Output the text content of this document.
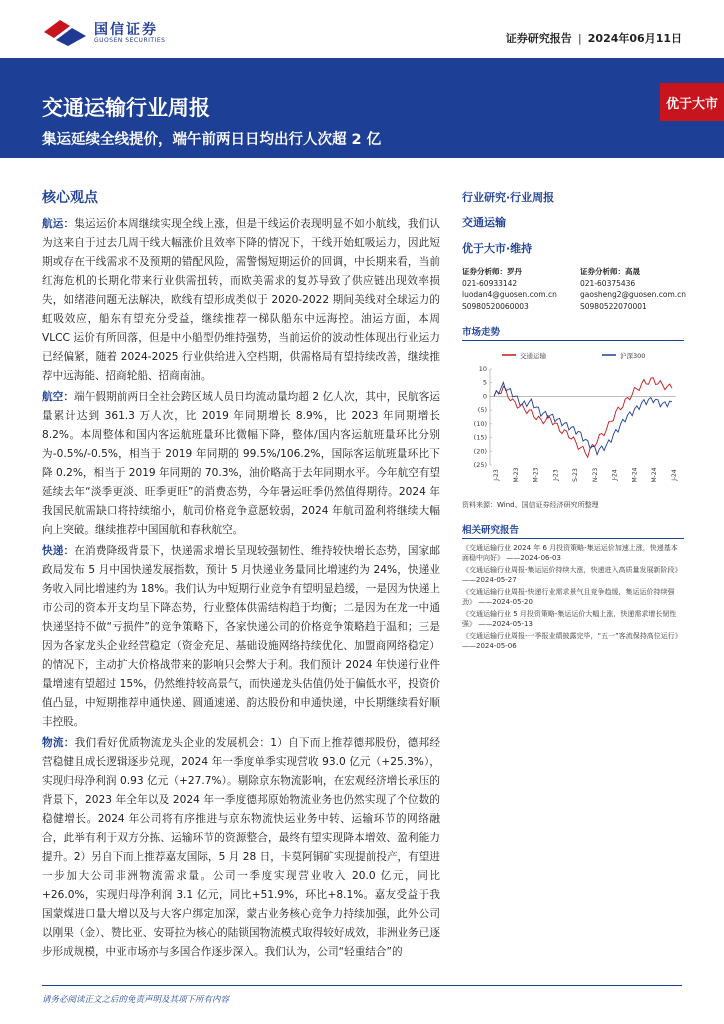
国信证券
GUOSEN SECURITIES	证券研究报告 | 2024年06月11日
交通运输行业周报
集运延续全线提价，端午前两日日均出行人次超 2 亿
优于大市
核心观点

航运：集运运价本周继续实现全线上涨，但是干线运价表现明显不如小航线，我们认为这来自于过去几周干线大幅涨价且效率下降的情况下，干线开始虹吸运力，因此短期或存在干线需求不及预期的错配风险，需警惕短期运价的回调，中长期来看，当前红海危机的长期化带来行业供需扭转，而欧美需求的复苏导致了供应链出现效率损失，如绪港问题无法解决，欧线有望形成类似于 2020-2022 期间美线对全球运力的虹吸效应，船东有望充分受益，继续推荐一梯队船东中远海控。油运方面，本周 VLCC 运价有所回落，但是中小船型仍维持强势，当前运价的波动性体现出行业运力已经偏紧，随着 2024-2025 行业供给进入空档期，供需格局有望持续改善，继续推荐中远海能、招商轮船、招商南油。

航空：端午假期前两日全社会跨区域人员日均流动量均超 2 亿人次，其中，民航客运量累计达到 361.3 万人次，比 2019 年同期增长 8.9%，比 2023 年同期增长 8.2%。本周整体和国内客运航班量环比微幅下降，整体/国内客运航班量环比分别为-0.5%/-0.5%，相当于 2019 年同期的 99.5%/106.2%，国际客运航班量环比下降 0.2%，相当于 2019 年同期的 70.3%，油价略高于去年同期水平。今年航空有望延续去年“淡季更淡、旺季更旺”的消费态势，今年暑运旺季仍然值得期待。2024 年我国民航需缺口将持续缩小，航司价格竞争意愿较弱，2024 年航司盈利将继续大幅向上突破。继续推荐中国国航和春秋航空。

快递：在消费降级背景下，快递需求增长呈现较强韧性、维持较快增长态势，国家邮政局发布 5 月中国快递发展指数，预计 5 月快递业务量同比增速约为 24%，快递业务收入同比增速约为 18%。我们认为中短期行业竞争有望明显趋缓，一是因为快递上市公司的资本开支均呈下降态势，行业整体供需结构趋于均衡；二是因为在龙一中通快递坚持不做“亏损件”的竞争策略下，各家快递公司的价格竞争策略趋于温和；三是因为各家龙头企业经营稳定（资金充足、基础设施网络持续优化、加盟商网络稳定）的情况下，主动扩大价格战带来的影响只会弊大于利。我们预计 2024 年快递行业件量增速有望超过 15%，仍然维持较高景气，而快递龙头估值仍处于偏低水平，投资价值凸显，中短期推荐申通快递、圆通速递、韵达股份和申通快递，中长期继续看好顺丰控股。

物流：我们看好优质物流龙头企业的发展机会：1）自下而上推荐德邦股份，德邦经营稳健且成长逻辑逐步兑现，2024 年一季度单季实现营收 93.0 亿元（+25.3%），实现归母净利润 0.93 亿元（+27.7%）。剔除京东物流影响，在宏观经济增长承压的背景下，2023 年全年以及 2024 年一季度德邦原始物流业务也仍然实现了个位数的稳健增长。2024 年公司将有序推进与京东物流快运业务中转、运输环节的网络融合，此举有利于双方分拣、运输环节的资源整合，最终有望实现降本增效、盈利能力提升。2）另自下而上推荐嘉友国际，5 月 28 日，卡莫阿铜矿实现提前投产，有望进一步加大公司非洲物流需求量。公司一季度实现营业收入 20.0 亿元，同比+26.0%，实现归母净利润 3.1 亿元，同比+51.9%，环比+8.1%。嘉友受益于我国蒙煤进口量大增以及与大客户绑定加深，蒙古业务核心竞争力持续加强，此外公司以刚果（金）、赞比亚、安哥拉为核心的陆锁国物流模式取得较好成效，非洲业务已逐步形成规模，中亚市场亦与多国合作逐步深入。我们认为，公司“轻重结合”的

行业研究·行业周报
交通运输
优于大市·维持
证券分析师：罗丹
021-60933142
luodan4@guosen.com.cn
S0980520060003
证券分析师：高晟
021-60375436
gaosheng2@guosen.com.cn
S0980522070001
市场走势
交通运输	沪深300
10
5
0
(5)
(10)
(15)
(20)
(25)
J-23 M-23 M-23 J-23 S-23 N-23 J-24 M-24 M-24 J-24
资料来源：Wind、国信证券经济研究所整理
相关研究报告
《交通运输行业 2024 年 6 月投资策略-集运运价加速上涨，快递基本面稳中向好》 ——2024-06-03
《交通运输行业周报-集运运价持续大涨，快递进入高质量发展新阶段》 ——2024-05-27
《交通运输行业周报-快递行业需求景气且竞争趋缓，集运运价持续强劲》 ——2024-05-20
《交通运输行业 5 月投资策略-集运运价大幅上涨，快递需求增长韧性强》 ——2024-05-13
《交通运输行业周报-一季报业绩披露完毕，“五一”客流保持高位运行》 ——2024-05-06
请务必阅读正文之后的免责声明及其项下所有内容
